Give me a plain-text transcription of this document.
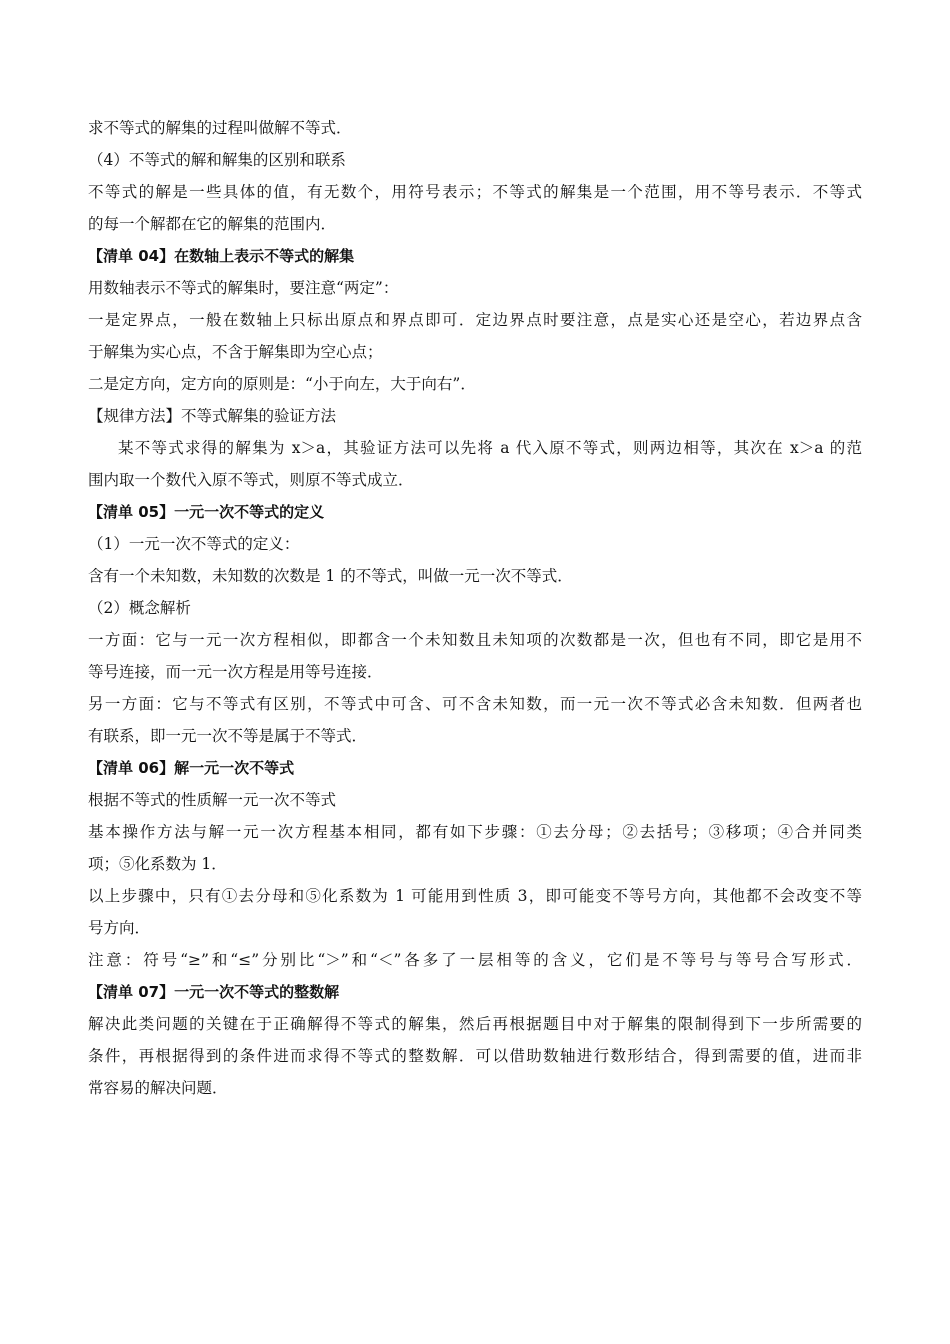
求不等式的解集的过程叫做解不等式．
（4）不等式的解和解集的区别和联系
不等式的解是一些具体的值，有无数个，用符号表示；不等式的解集是一个范围，用不等号表示．不等式
的每一个解都在它的解集的范围内．
【清单 04】在数轴上表示不等式的解集
用数轴表示不等式的解集时，要注意“两定”：
一是定界点，一般在数轴上只标出原点和界点即可．定边界点时要注意，点是实心还是空心，若边界点含
于解集为实心点，不含于解集即为空心点；
二是定方向，定方向的原则是：“小于向左，大于向右”．
【规律方法】不等式解集的验证方法
某不等式求得的解集为 x＞a，其验证方法可以先将 a 代入原不等式，则两边相等，其次在 x＞a 的范
围内取一个数代入原不等式，则原不等式成立．
【清单 05】一元一次不等式的定义
（1）一元一次不等式的定义：
含有一个未知数，未知数的次数是 1 的不等式，叫做一元一次不等式．
（2）概念解析
一方面：它与一元一次方程相似，即都含一个未知数且未知项的次数都是一次，但也有不同，即它是用不
等号连接，而一元一次方程是用等号连接．
另一方面：它与不等式有区别，不等式中可含、可不含未知数，而一元一次不等式必含未知数．但两者也
有联系，即一元一次不等是属于不等式．
【清单 06】解一元一次不等式
根据不等式的性质解一元一次不等式
基本操作方法与解一元一次方程基本相同，都有如下步骤：①去分母；②去括号；③移项；④合并同类
项；⑤化系数为 1．
以上步骤中，只有①去分母和⑤化系数为 1 可能用到性质 3，即可能变不等号方向，其他都不会改变不等
号方向．
注意：符号“≥”和“≤”分别比“＞”和“＜”各多了一层相等的含义，它们是不等号与等号合写形式．
【清单 07】一元一次不等式的整数解
解决此类问题的关键在于正确解得不等式的解集，然后再根据题目中对于解集的限制得到下一步所需要的
条件，再根据得到的条件进而求得不等式的整数解．可以借助数轴进行数形结合，得到需要的值，进而非
常容易的解决问题．
